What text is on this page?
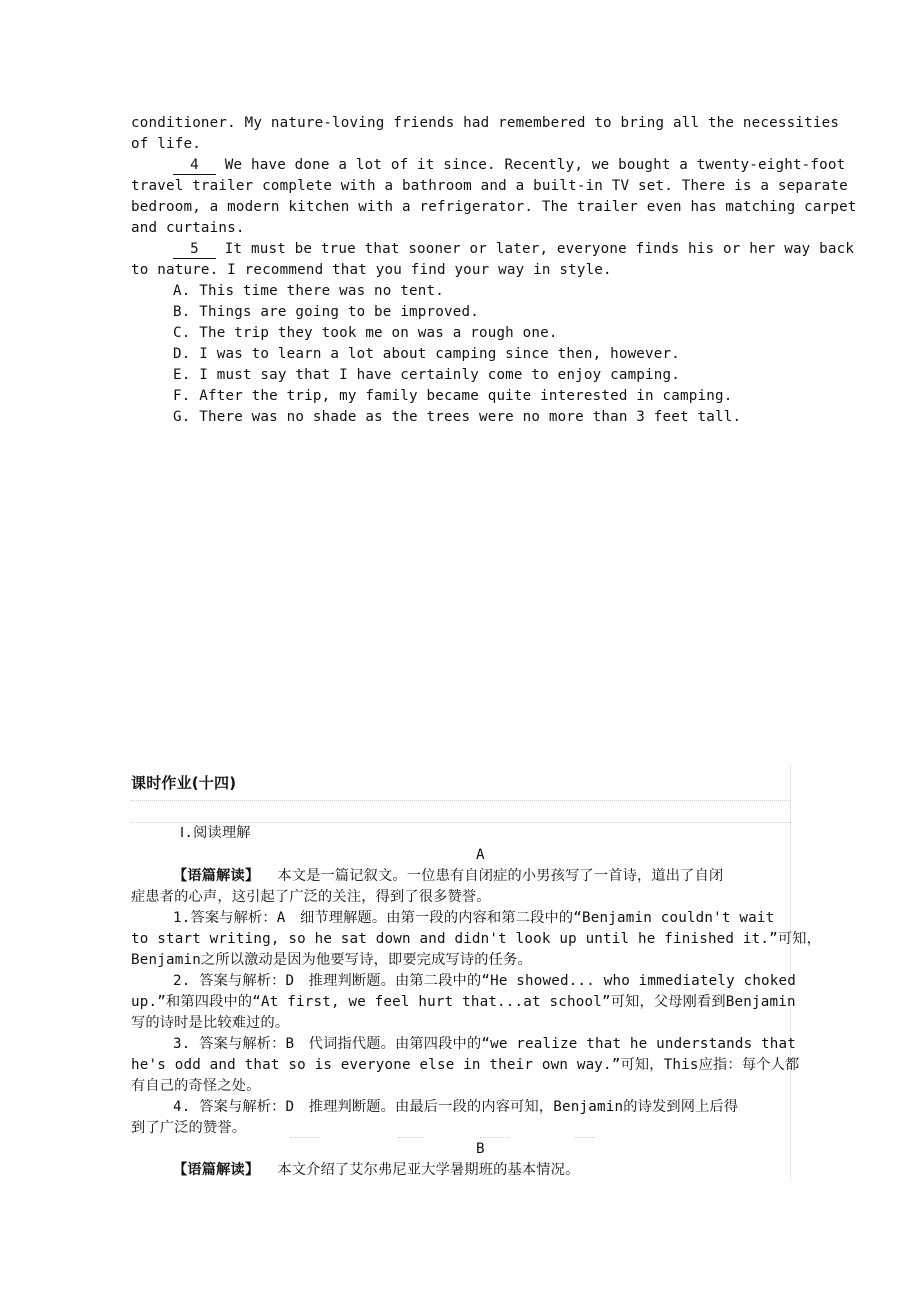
conditioner. My nature-loving friends had remembered to bring all the necessities
of life.
4 We have done a lot of it since. Recently, we bought a twenty-eight-foot
travel trailer complete with a bathroom and a built-in TV set. There is a separate
bedroom, a modern kitchen with a refrigerator. The trailer even has matching carpet
and curtains.
5 It must be true that sooner or later, everyone finds his or her way back
to nature. I recommend that you find your way in style.
A. This time there was no tent.
B. Things are going to be improved.
C. The trip they took me on was a rough one.
D. I was to learn a lot about camping since then, however.
E. I must say that I have certainly come to enjoy camping.
F. After the trip, my family became quite interested in camping.
G. There was no shade as the trees were no more than 3 feet tall.
课时作业(十四)
Ⅰ.阅读理解
A
【语篇解读】 本文是一篇记叙文。一位患有自闭症的小男孩写了一首诗，道出了自闭
症患者的心声，这引起了广泛的关注，得到了很多赞誉。
1.答案与解析：A　细节理解题。由第一段的内容和第二段中的“Benjamin couldn't wait
to start writing, so he sat down and didn't look up until he finished it.”可知，
Benjamin之所以激动是因为他要写诗，即要完成写诗的任务。
2. 答案与解析：D　推理判断题。由第二段中的“He showed... who immediately choked
up.”和第四段中的“At first, we feel hurt that...at school”可知，父母刚看到Benjamin
写的诗时是比较难过的。
3. 答案与解析：B　代词指代题。由第四段中的“we realize that he understands that
he's odd and that so is everyone else in their own way.”可知，This应指：每个人都
有自己的奇怪之处。
4. 答案与解析：D　推理判断题。由最后一段的内容可知，Benjamin的诗发到网上后得
到了广泛的赞誉。
B
【语篇解读】 本文介绍了艾尔弗尼亚大学暑期班的基本情况。
